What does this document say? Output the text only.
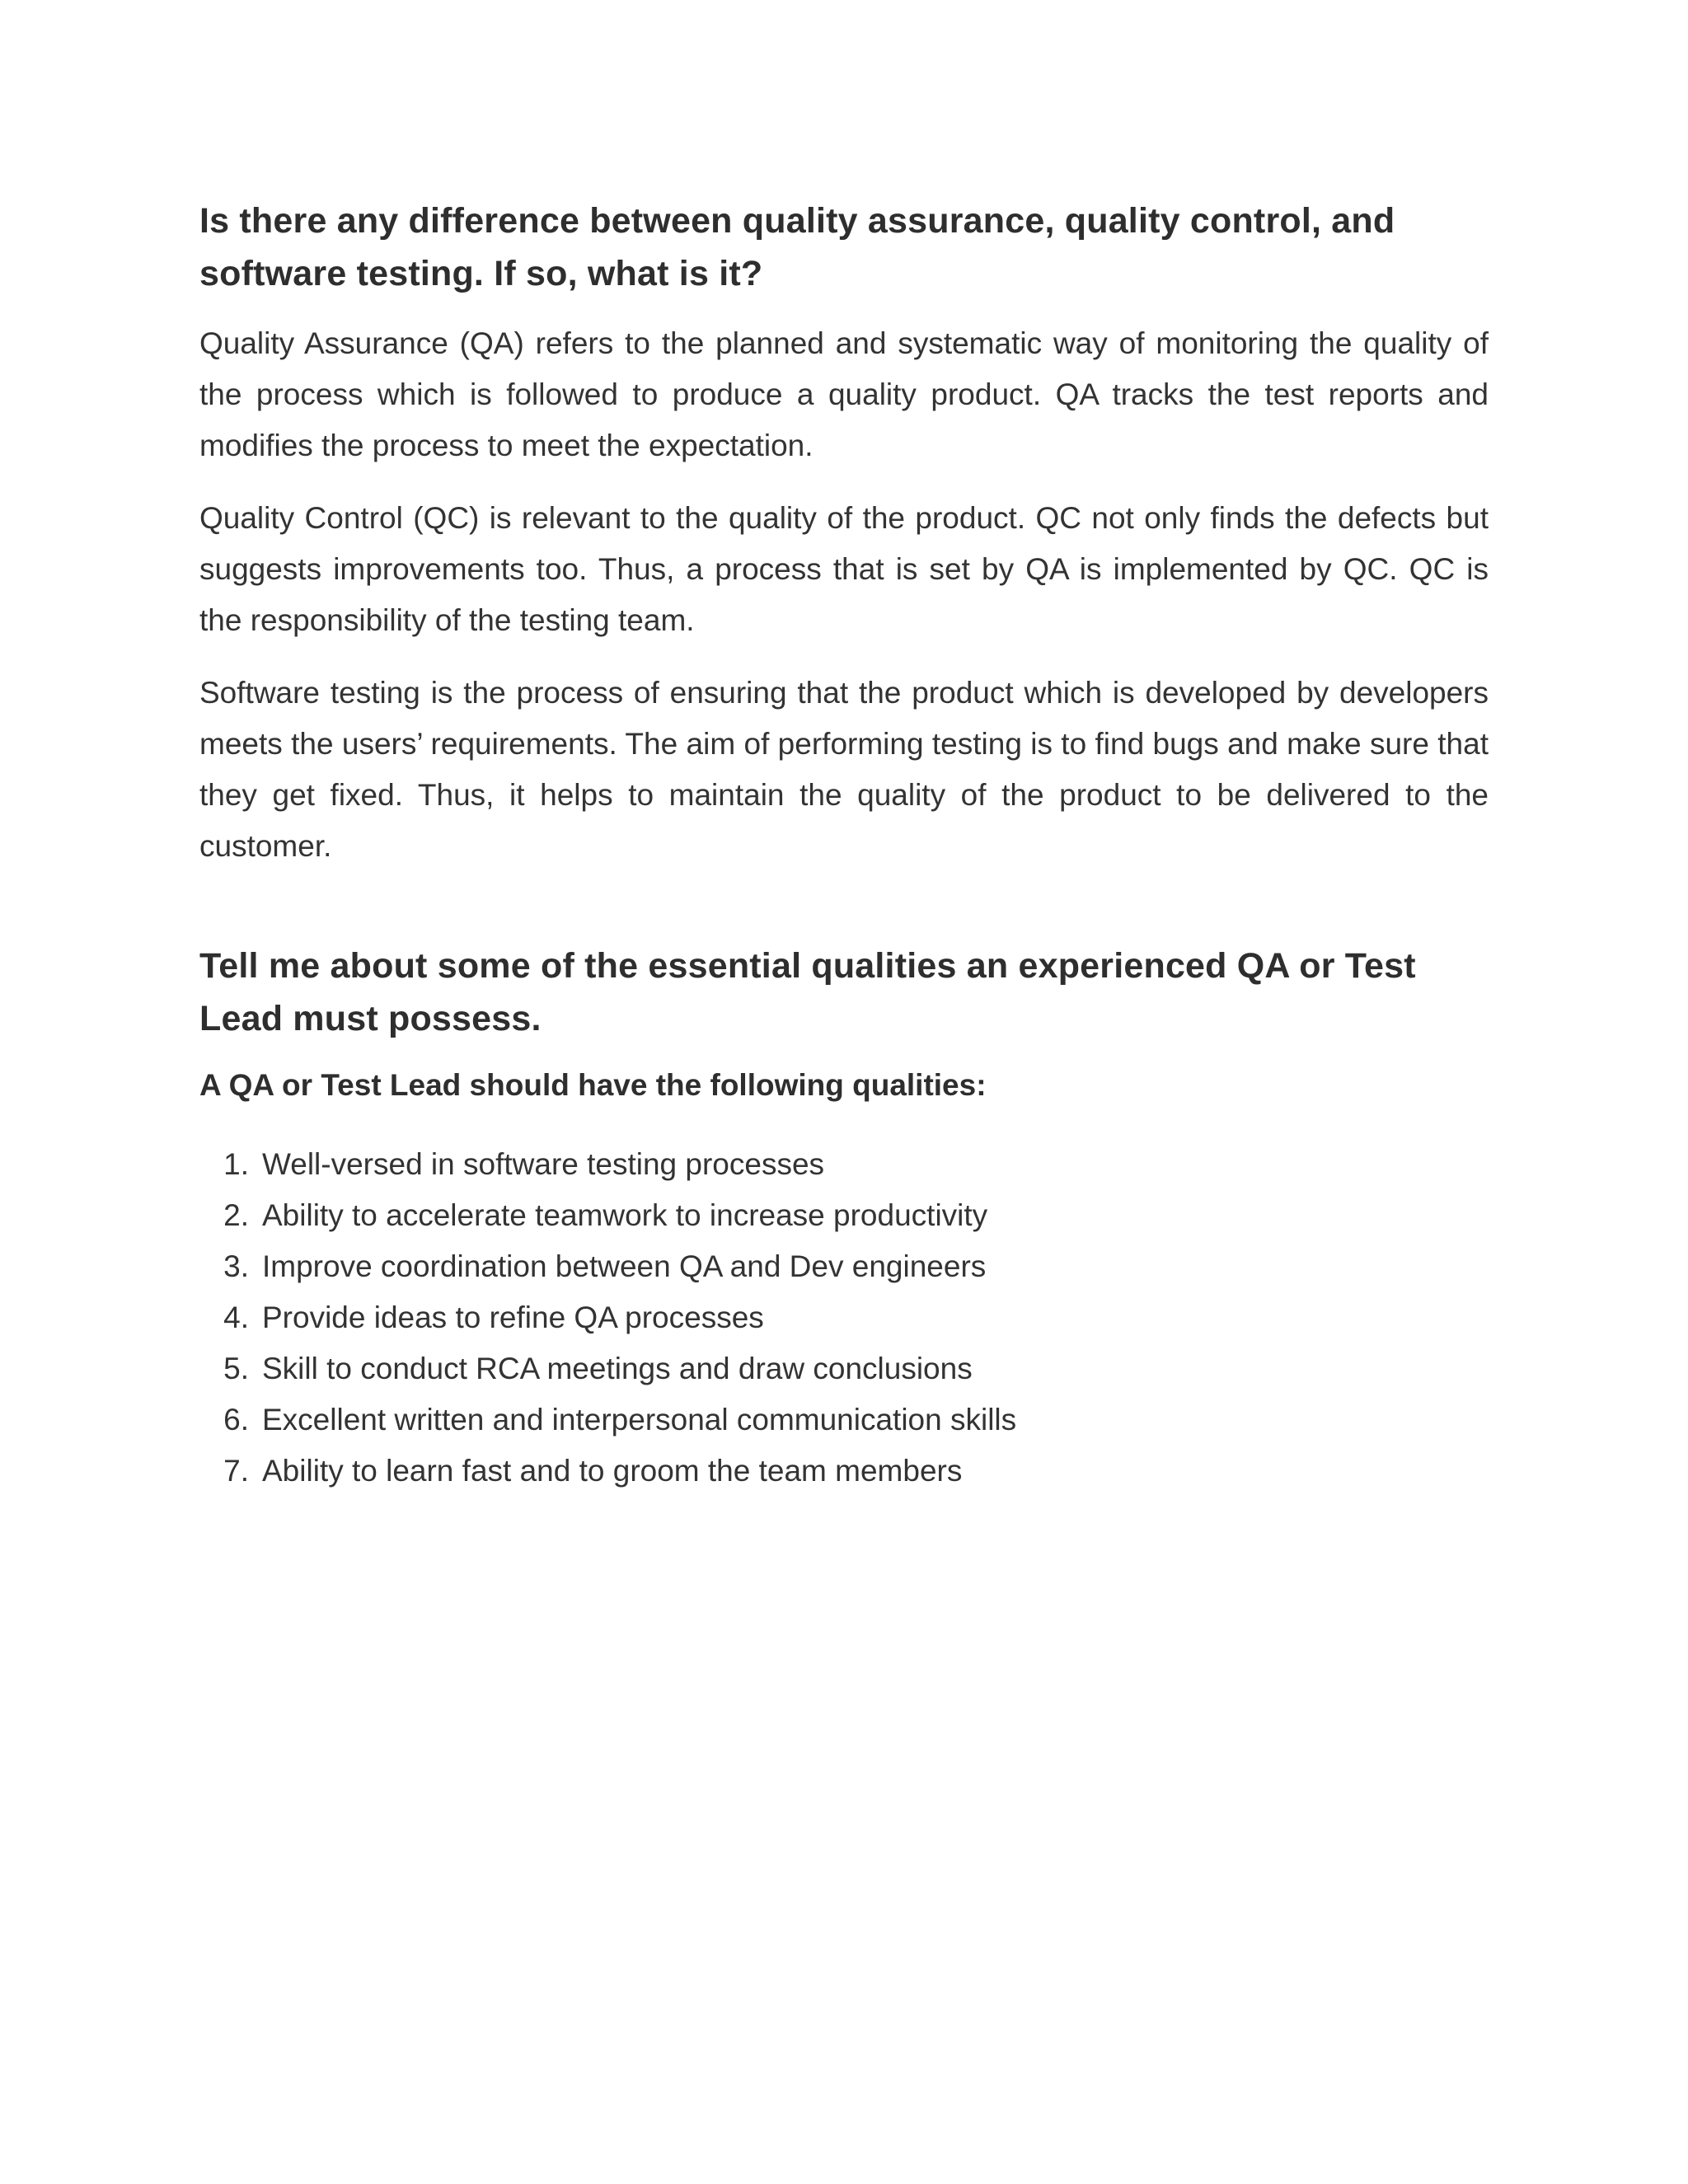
Is there any difference between quality assurance, quality control, and software testing. If so, what is it?

Quality Assurance (QA) refers to the planned and systematic way of monitoring the quality of the process which is followed to produce a quality product. QA tracks the test reports and modifies the process to meet the expectation.

Quality Control (QC) is relevant to the quality of the product. QC not only finds the defects but suggests improvements too. Thus, a process that is set by QA is implemented by QC. QC is the responsibility of the testing team.

Software testing is the process of ensuring that the product which is developed by developers meets the users’ requirements. The aim of performing testing is to find bugs and make sure that they get fixed. Thus, it helps to maintain the quality of the product to be delivered to the customer.

Tell me about some of the essential qualities an experienced QA or Test Lead must possess.

A QA or Test Lead should have the following qualities:

1. Well-versed in software testing processes
2. Ability to accelerate teamwork to increase productivity
3. Improve coordination between QA and Dev engineers
4. Provide ideas to refine QA processes
5. Skill to conduct RCA meetings and draw conclusions
6. Excellent written and interpersonal communication skills
7. Ability to learn fast and to groom the team members
